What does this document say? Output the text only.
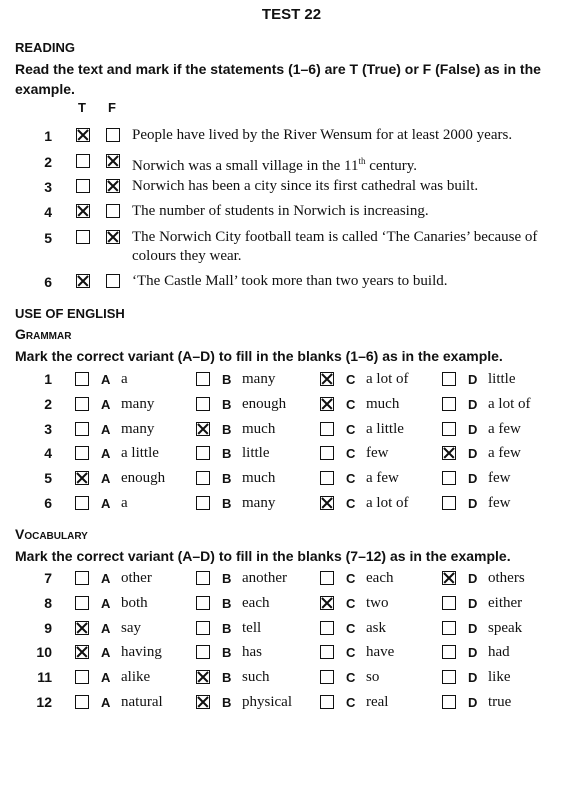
TEST 22
READING
Read the text and mark if the statements (1–6) are T (True) or F (False) as in the example.
T F
1	People have lived by the River Wensum for at least 2000 years.
2	Norwich was a small village in the 11th century.
3	Norwich has been a city since its first cathedral was built.
4	The number of students in Norwich is increasing.
5	The Norwich City football team is called ‘The Canaries’ because of colours they wear.
6	‘The Castle Mall’ took more than two years to build.
USE OF ENGLISH
Grammar
Mark the correct variant (A–D) to fill in the blanks (1–6) as in the example.
1	A a	B many	C a lot of	D little
2	A many	B enough	C much	D a lot of
3	A many	B much	C a little	D a few
4	A a little	B little	C few	D a few
5	A enough	B much	C a few	D few
6	A a	B many	C a lot of	D few
Vocabulary
Mark the correct variant (A–D) to fill in the blanks (7–12) as in the example.
7	A other	B another	C each	D others
8	A both	B each	C two	D either
9	A say	B tell	C ask	D speak
10	A having	B has	C have	D had
11	A alike	B such	C so	D like
12	A natural	B physical	C real	D true
